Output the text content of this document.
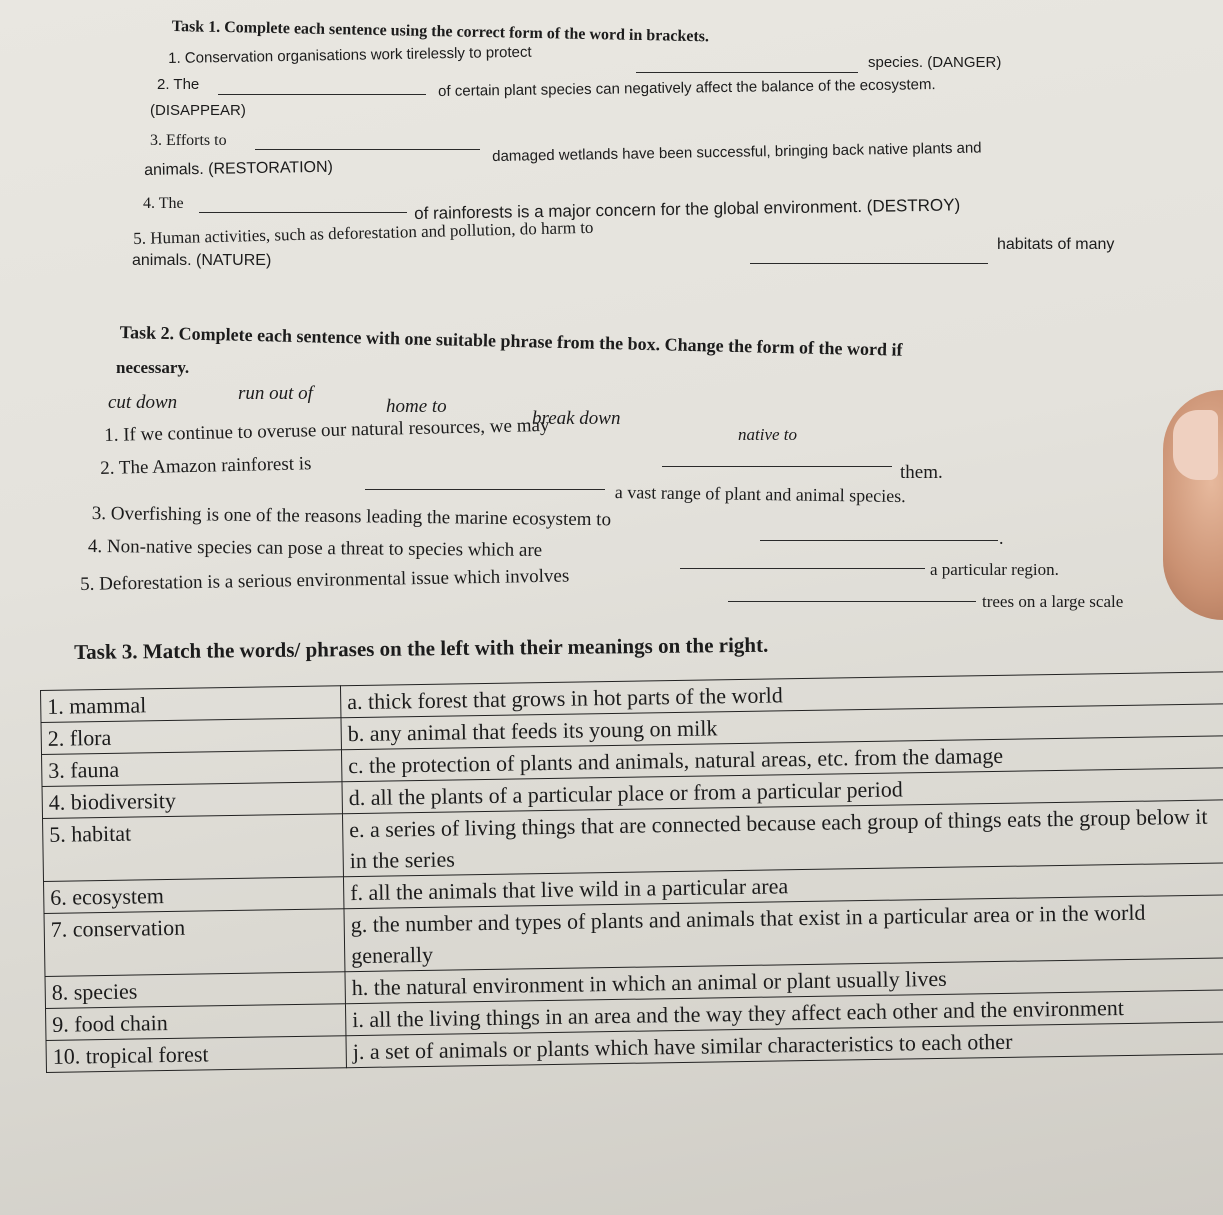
Task 1. Complete each sentence using the correct form of the word in brackets.
1. Conservation organisations work tirelessly to protect	species. (DANGER)
2. The	of certain plant species can negatively affect the balance of the ecosystem.
(DISAPPEAR)
3. Efforts to	damaged wetlands have been successful, bringing back native plants and
animals. (RESTORATION)
4. The	of rainforests is a major concern for the global environment. (DESTROY)
5. Human activities, such as deforestation and pollution, do harm to	habitats of many
animals. (NATURE)
Task 2. Complete each sentence with one suitable phrase from the box. Change the form of the word if
necessary.
cut down	run out of
home to
break down
native to
1. If we continue to overuse our natural resources, we may
them.
2. The Amazon rainforest is
a vast range of plant and animal species.
3. Overfishing is one of the reasons leading the marine ecosystem to
.
4. Non-native species can pose a threat to species which are
a particular region.
5. Deforestation is a serious environmental issue which involves
trees on a large scale
Task 3. Match the words/ phrases on the left with their meanings on the right.
1. mammal	a. thick forest that grows in hot parts of the world
2. flora	b. any animal that feeds its young on milk
3. fauna	c. the protection of plants and animals, natural areas, etc. from the damage
4. biodiversity	d. all the plants of a particular place or from a particular period
5. habitat	e. a series of living things that are connected because each group of things eats the group below it in the series
6. ecosystem	f. all the animals that live wild in a particular area
7. conservation	g. the number and types of plants and animals that exist in a particular area or in the world generally
8. species	h. the natural environment in which an animal or plant usually lives
9. food chain	i. all the living things in an area and the way they affect each other and the environment
10. tropical forest	j. a set of animals or plants which have similar characteristics to each other
